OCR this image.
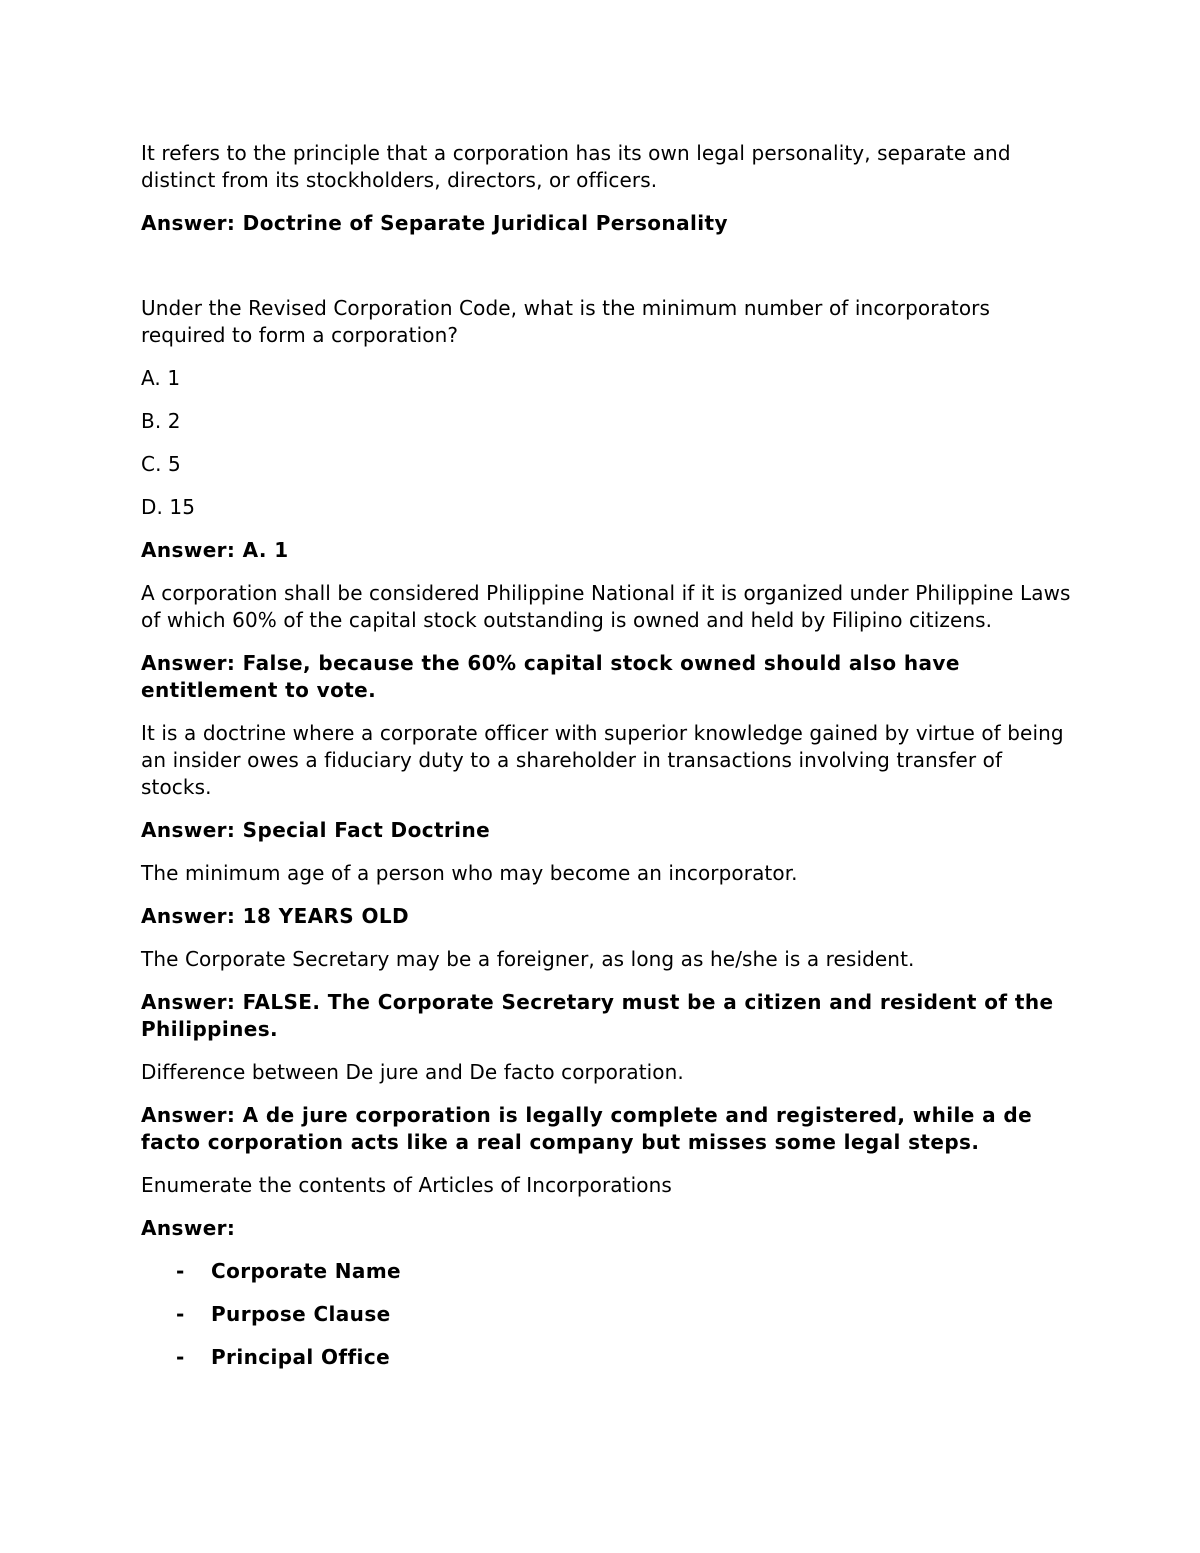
It refers to the principle that a corporation has its own legal personality, separate and distinct from its stockholders, directors, or officers.

Answer: Doctrine of Separate Juridical Personality

Under the Revised Corporation Code, what is the minimum number of incorporators required to form a corporation?

A. 1

B. 2

C. 5

D. 15

Answer: A. 1

A corporation shall be considered Philippine National if it is organized under Philippine Laws of which 60% of the capital stock outstanding is owned and held by Filipino citizens.

Answer: False, because the 60% capital stock owned should also have entitlement to vote.

It is a doctrine where a corporate officer with superior knowledge gained by virtue of being an insider owes a fiduciary duty to a shareholder in transactions involving transfer of stocks.

Answer: Special Fact Doctrine

The minimum age of a person who may become an incorporator.

Answer: 18 YEARS OLD

The Corporate Secretary may be a foreigner, as long as he/she is a resident.

Answer: FALSE. The Corporate Secretary must be a citizen and resident of the Philippines.

Difference between De jure and De facto corporation.

Answer: A de jure corporation is legally complete and registered, while a de facto corporation acts like a real company but misses some legal steps.

Enumerate the contents of Articles of Incorporations

Answer:

- Corporate Name
- Purpose Clause
- Principal Office
